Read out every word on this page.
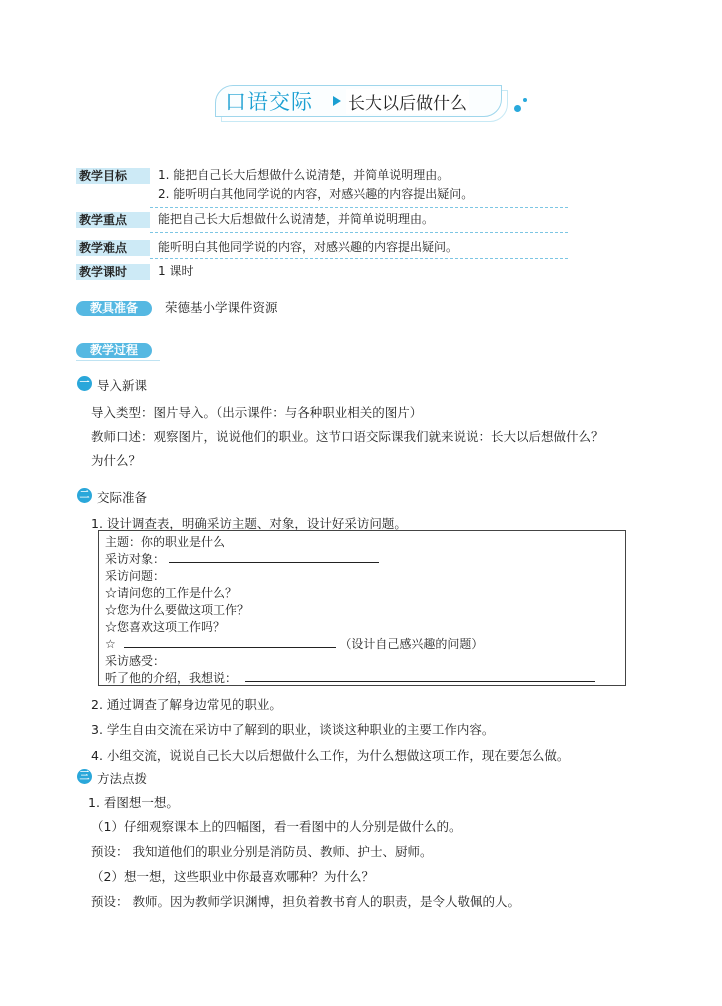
口语交际 长大以后做什么
教学目标	1. 能把自己长大后想做什么说清楚，并简单说明理由。
2. 能听明白其他同学说的内容，对感兴趣的内容提出疑问。
教学重点	能把自己长大后想做什么说清楚，并简单说明理由。
教学难点	能听明白其他同学说的内容，对感兴趣的内容提出疑问。
教学课时	1 课时
教具准备	荣德基小学课件资源
教学过程
一 导入新课
导入类型：图片导入。（出示课件：与各种职业相关的图片）
教师口述：观察图片，说说他们的职业。这节口语交际课我们就来说说：长大以后想做什么？
为什么？
二 交际准备
1. 设计调查表，明确采访主题、对象，设计好采访问题。
主题：你的职业是什么
采访对象：
采访问题：
☆请问您的工作是什么？
☆您为什么要做这项工作？
☆您喜欢这项工作吗？
☆	（设计自己感兴趣的问题）
采访感受：
听了他的介绍，我想说：
2. 通过调查了解身边常见的职业。
3. 学生自由交流在采访中了解到的职业，谈谈这种职业的主要工作内容。
4. 小组交流，说说自己长大以后想做什么工作，为什么想做这项工作，现在要怎么做。
三 方法点拨
1. 看图想一想。
（1）仔细观察课本上的四幅图，看一看图中的人分别是做什么的。
预设： 我知道他们的职业分别是消防员、教师、护士、厨师。
（2）想一想，这些职业中你最喜欢哪种？为什么？
预设： 教师。因为教师学识渊博，担负着教书育人的职责，是令人敬佩的人。
